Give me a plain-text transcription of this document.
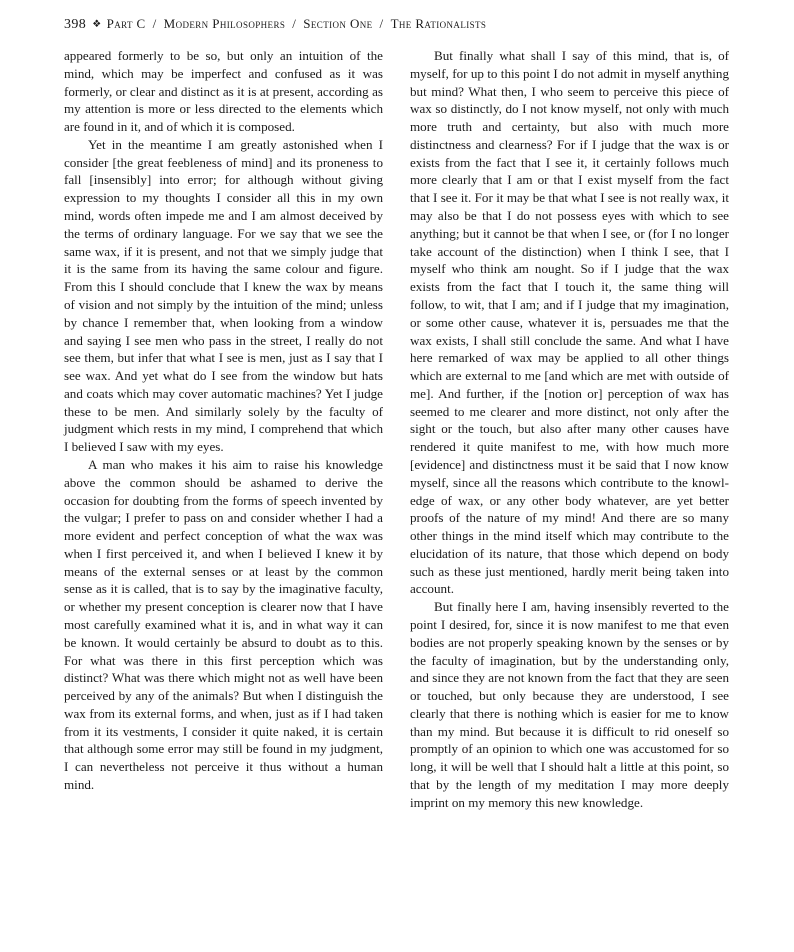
398 ❖ Part C / Modern Philosophers / Section One / The Rationalists

appeared formerly to be so, but only an intuition of the mind, which may be imperfect and confused as it was formerly, or clear and distinct as it is at present, according as my attention is more or less directed to the elements which are found in it, and of which it is composed.

Yet in the meantime I am greatly astonished when I consider [the great feebleness of mind] and its proneness to fall [insensibly] into error; for although without giving expression to my thoughts I consider all this in my own mind, words often impede me and I am almost deceived by the terms of ordinary language. For we say that we see the same wax, if it is present, and not that we simply judge that it is the same from its having the same colour and figure. From this I should conclude that I knew the wax by means of vision and not simply by the intuition of the mind; unless by chance I remember that, when looking from a window and saying I see men who pass in the street, I really do not see them, but infer that what I see is men, just as I say that I see wax. And yet what do I see from the window but hats and coats which may cover automatic machines? Yet I judge these to be men. And similarly solely by the faculty of judgment which rests in my mind, I comprehend that which I believed I saw with my eyes.

A man who makes it his aim to raise his knowledge above the common should be ashamed to derive the occasion for doubting from the forms of speech invented by the vulgar; I prefer to pass on and consider whether I had a more evident and perfect conception of what the wax was when I first perceived it, and when I believed I knew it by means of the external senses or at least by the common sense as it is called, that is to say by the imaginative faculty, or whether my present conception is clearer now that I have most carefully examined what it is, and in what way it can be known. It would certainly be absurd to doubt as to this. For what was there in this first perception which was distinct? What was there which might not as well have been perceived by any of the animals? But when I distinguish the wax from its external forms, and when, just as if I had taken from it its vestments, I consider it quite naked, it is certain that although some error may still be found in my judgment, I can nevertheless not perceive it thus without a human mind.

But finally what shall I say of this mind, that is, of myself, for up to this point I do not admit in myself anything but mind? What then, I who seem to perceive this piece of wax so distinctly, do I not know myself, not only with much more truth and certainty, but also with much more distinctness and clearness? For if I judge that the wax is or exists from the fact that I see it, it certainly follows much more clearly that I am or that I exist myself from the fact that I see it. For it may be that what I see is not really wax, it may also be that I do not possess eyes with which to see anything; but it cannot be that when I see, or (for I no longer take account of the distinction) when I think I see, that I myself who think am nought. So if I judge that the wax exists from the fact that I touch it, the same thing will follow, to wit, that I am; and if I judge that my imagination, or some other cause, whatever it is, persuades me that the wax exists, I shall still conclude the same. And what I have here remarked of wax may be applied to all other things which are external to me [and which are met with outside of me]. And further, if the [notion or] perception of wax has seemed to me clearer and more distinct, not only after the sight or the touch, but also after many other causes have rendered it quite manifest to me, with how much more [evidence] and distinctness must it be said that I now know myself, since all the reasons which contribute to the knowledge of wax, or any other body whatever, are yet better proofs of the nature of my mind! And there are so many other things in the mind itself which may contribute to the elucidation of its nature, that those which depend on body such as these just mentioned, hardly merit being taken into account.

But finally here I am, having insensibly reverted to the point I desired, for, since it is now manifest to me that even bodies are not properly speaking known by the senses or by the faculty of imagination, but by the understanding only, and since they are not known from the fact that they are seen or touched, but only because they are understood, I see clearly that there is nothing which is easier for me to know than my mind. But because it is difficult to rid oneself so promptly of an opinion to which one was accustomed for so long, it will be well that I should halt a little at this point, so that by the length of my meditation I may more deeply imprint on my memory this new knowledge.
